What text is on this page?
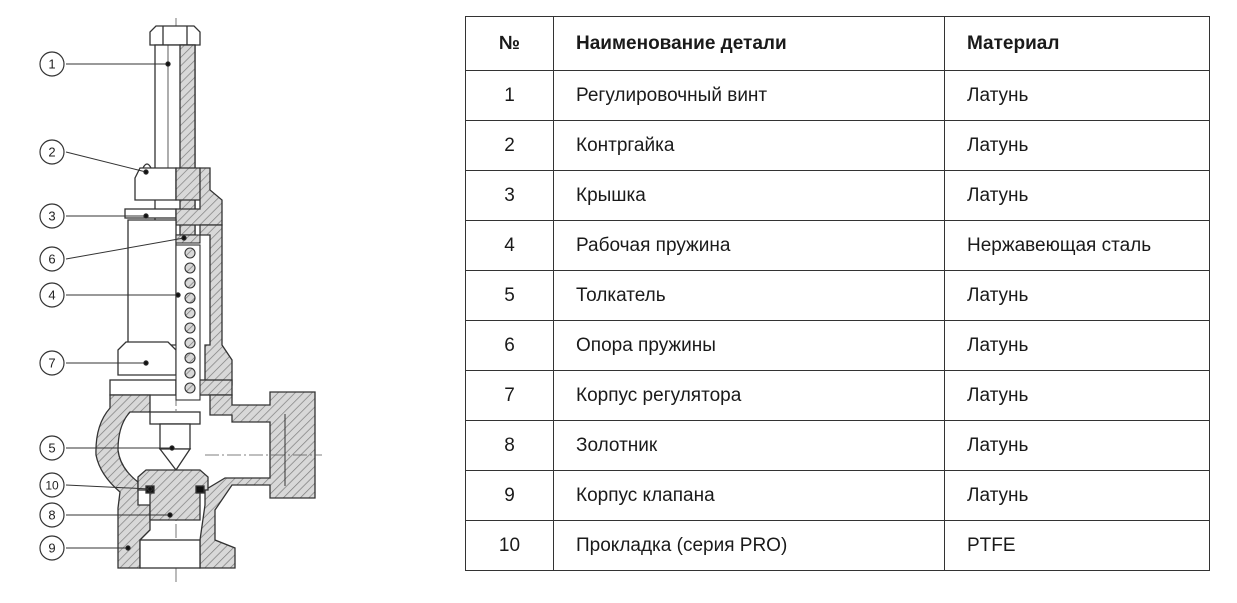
1
2
3
6
4
7
5
10
8
9
№	Наименование детали	Материал
1	Регулировочный винт	Латунь
2	Контргайка	Латунь
3	Крышка	Латунь
4	Рабочая пружина	Нержавеющая сталь
5	Толкатель	Латунь
6	Опора пружины	Латунь
7	Корпус регулятора	Латунь
8	Золотник	Латунь
9	Корпус клапана	Латунь
10	Прокладка (серия PRO)	PTFE
